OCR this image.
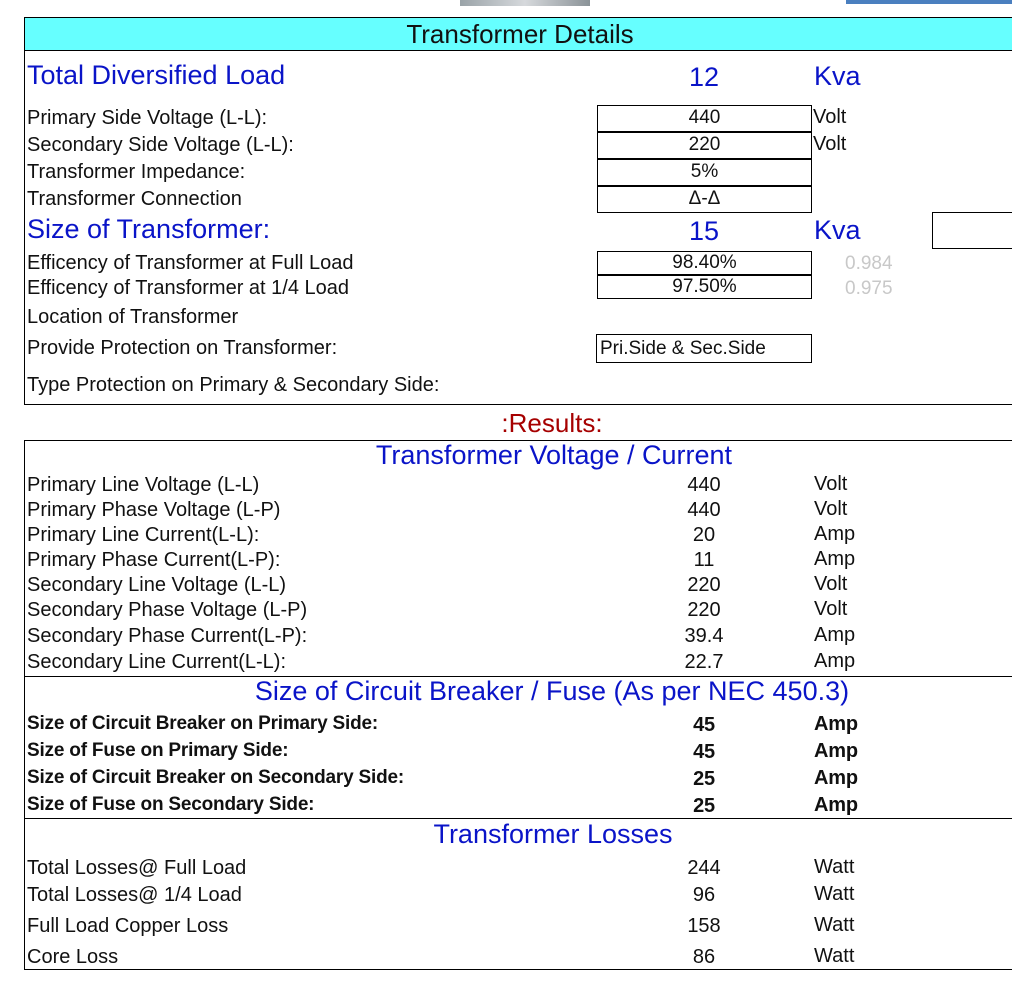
Transformer Details
Total Diversified Load	12	Kva
Primary Side Voltage (L-L):	440	Volt
Secondary Side Voltage (L-L):	220	Volt
Transformer Impedance:	5%
Transformer Connection	Δ-Δ
Size of Transformer:	15	Kva
Efficency of Transformer at Full Load	98.40%	0.984
Efficency of Transformer at 1/4 Load	97.50%	0.975
Location of Transformer
Provide Protection on Transformer:	Pri.Side & Sec.Side
Type Protection on Primary & Secondary Side:
:Results:
Transformer Voltage / Current
Primary Line Voltage (L-L)	440	Volt
Primary Phase Voltage (L-P)	440	Volt
Primary Line Current(L-L):	20	Amp
Primary Phase Current(L-P):	11	Amp
Secondary Line Voltage (L-L)	220	Volt
Secondary Phase Voltage (L-P)	220	Volt
Secondary Phase Current(L-P):	39.4	Amp
Secondary Line Current(L-L):	22.7	Amp
Size of Circuit Breaker / Fuse (As per NEC 450.3)
Size of Circuit Breaker on Primary Side:	45	Amp
Size of Fuse on Primary Side:	45	Amp
Size of Circuit Breaker on Secondary Side:	25	Amp
Size of Fuse on Secondary Side:	25	Amp
Transformer Losses
Total Losses@ Full Load	244	Watt
Total Losses@ 1/4 Load	96	Watt
Full Load Copper Loss	158	Watt
Core Loss	86	Watt
